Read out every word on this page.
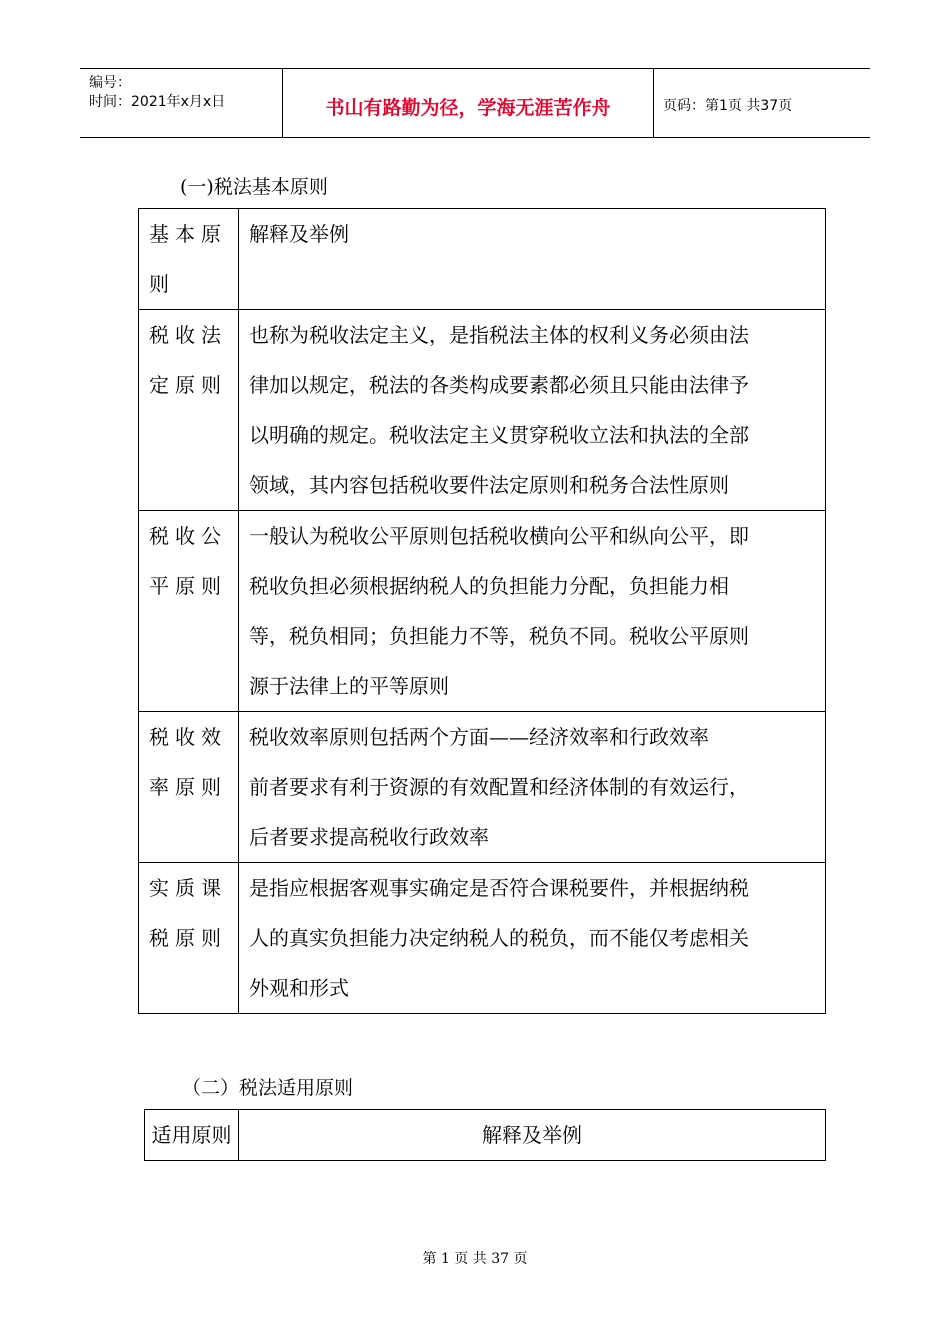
编号：
时间：2021年x月x日	书山有路勤为径，学海无涯苦作舟	页码：第1页 共37页
(一)税法基本原则
基本原则	解释及举例
税收法定原则	也称为税收法定主义，是指税法主体的权利义务必须由法
律加以规定，税法的各类构成要素都必须且只能由法律予
以明确的规定。税收法定主义贯穿税收立法和执法的全部
领域，其内容包括税收要件法定原则和税务合法性原则

税收公平原则	一般认为税收公平原则包括税收横向公平和纵向公平，即
税收负担必须根据纳税人的负担能力分配，负担能力相
等，税负相同；负担能力不等，税负不同。税收公平原则
源于法律上的平等原则

税收效率原则	税收效率原则包括两个方面——经济效率和行政效率
前者要求有利于资源的有效配置和经济体制的有效运行，
后者要求提高税收行政效率

实质课税原则	是指应根据客观事实确定是否符合课税要件，并根据纳税
人的真实负担能力决定纳税人的税负，而不能仅考虑相关
外观和形式
（二）税法适用原则
适用原则	解释及举例
第 1 页 共 37 页
